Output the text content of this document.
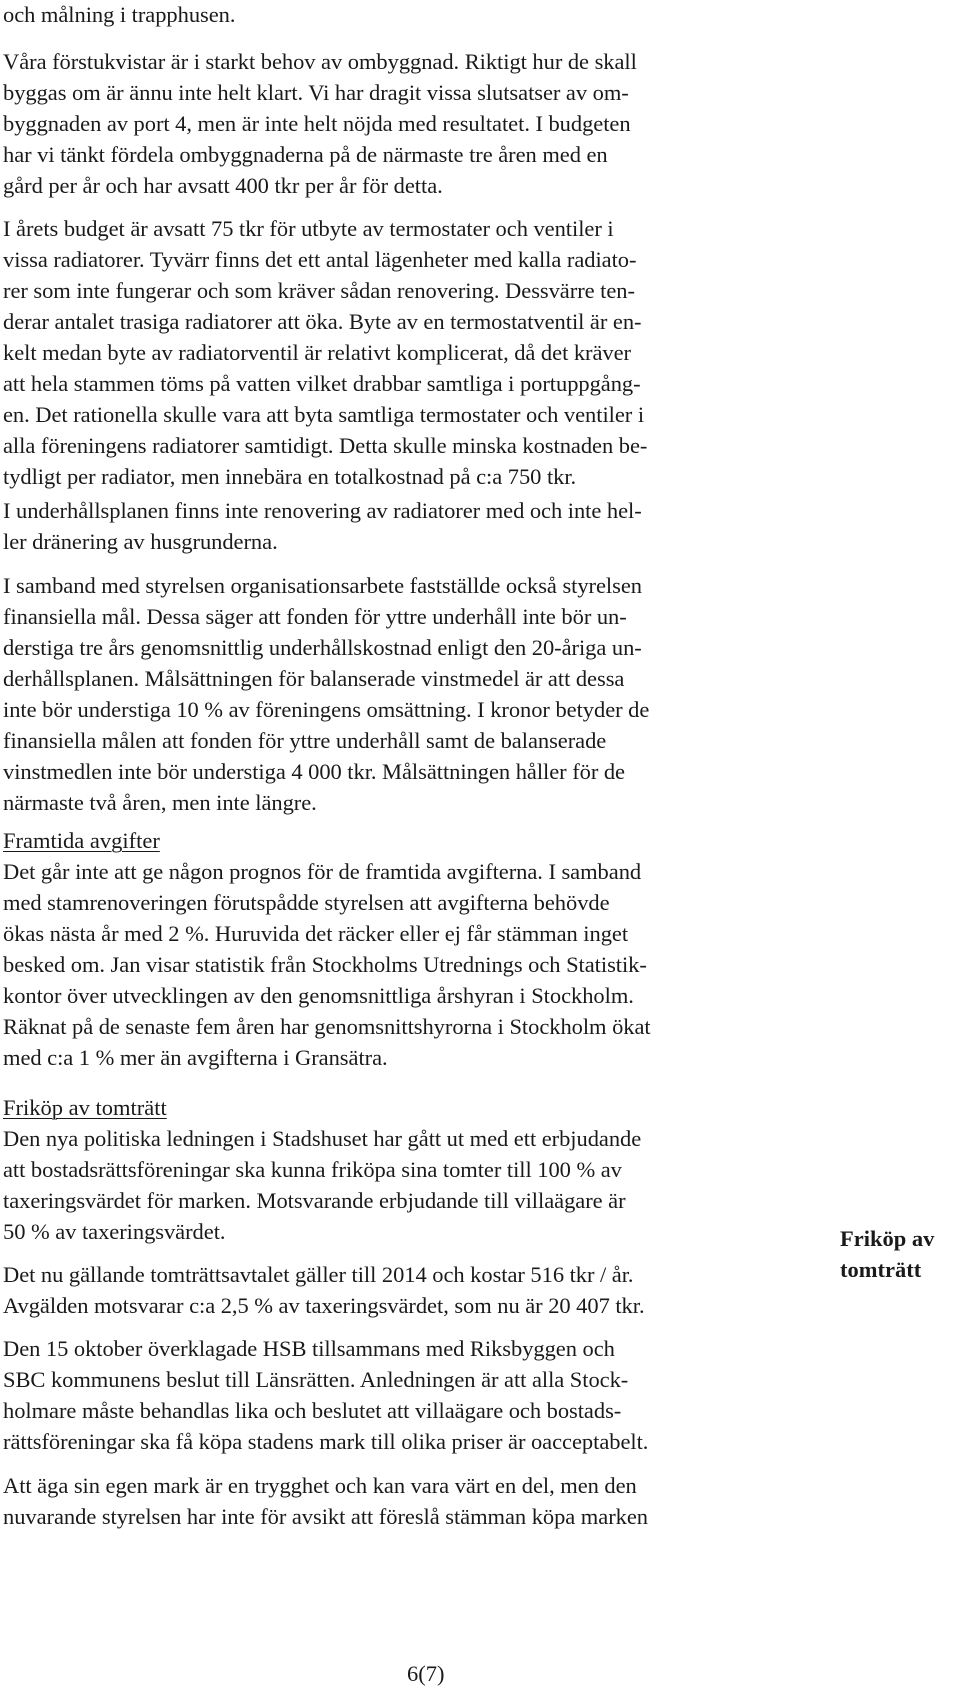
och målning i trapphusen.

Våra förstukvistar är i starkt behov av ombyggnad. Riktigt hur de skall
byggas om är ännu inte helt klart. Vi har dragit vissa slutsatser av om-
byggnaden av port 4, men är inte helt nöjda med resultatet. I budgeten
har vi tänkt fördela ombyggnaderna på de närmaste tre åren med en
gård per år och har avsatt 400 tkr per år för detta.

I årets budget är avsatt 75 tkr för utbyte av termostater och ventiler i
vissa radiatorer. Tyvärr finns det ett antal lägenheter med kalla radiato-
rer som inte fungerar och som kräver sådan renovering. Dessvärre ten-
derar antalet trasiga radiatorer att öka. Byte av en termostatventil är en-
kelt medan byte av radiatorventil är relativt komplicerat, då det kräver
att hela stammen töms på vatten vilket drabbar samtliga i portuppgång-
en. Det rationella skulle vara att byta samtliga termostater och ventiler i
alla föreningens radiatorer samtidigt. Detta skulle minska kostnaden be-
tydligt per radiator, men innebära en totalkostnad på c:a 750 tkr.

I underhållsplanen finns inte renovering av radiatorer med och inte hel-
ler dränering av husgrunderna.

I samband med styrelsen organisationsarbete fastställde också styrelsen
finansiella mål. Dessa säger att fonden för yttre underhåll inte bör un-
derstiga tre års genomsnittlig underhållskostnad enligt den 20-åriga un-
derhållsplanen. Målsättningen för balanserade vinstmedel är att dessa
inte bör understiga 10 % av föreningens omsättning. I kronor betyder de
finansiella målen att fonden för yttre underhåll samt de balanserade
vinstmedlen inte bör understiga 4 000 tkr. Målsättningen håller för de
närmaste två åren, men inte längre.

Framtida avgifter

Det går inte att ge någon prognos för de framtida avgifterna. I samband
med stamrenoveringen förutspådde styrelsen att avgifterna behövde
ökas nästa år med 2 %. Huruvida det räcker eller ej får stämman inget
besked om. Jan visar statistik från Stockholms Utrednings och Statistik-
kontor över utvecklingen av den genomsnittliga årshyran i Stockholm.
Räknat på de senaste fem åren har genomsnittshyrorna i Stockholm ökat
med c:a 1 % mer än avgifterna i Gransätra.

Friköp av tomträtt

Den nya politiska ledningen i Stadshuset har gått ut med ett erbjudande
att bostadsrättsföreningar ska kunna friköpa sina tomter till 100 % av
taxeringsvärdet för marken. Motsvarande erbjudande till villaägare är
50 % av taxeringsvärdet.

Det nu gällande tomträttsavtalet gäller till 2014 och kostar 516 tkr / år.
Avgälden motsvarar c:a 2,5 % av taxeringsvärdet, som nu är 20 407 tkr.

Den 15 oktober överklagade HSB tillsammans med Riksbyggen och
SBC kommunens beslut till Länsrätten. Anledningen är att alla Stock-
holmare måste behandlas lika och beslutet att villaägare och bostads-
rättsföreningar ska få köpa stadens mark till olika priser är oacceptabelt.

Att äga sin egen mark är en trygghet och kan vara värt en del, men den
nuvarande styrelsen har inte för avsikt att föreslå stämman köpa marken

Friköp av
tomträtt
6(7)
